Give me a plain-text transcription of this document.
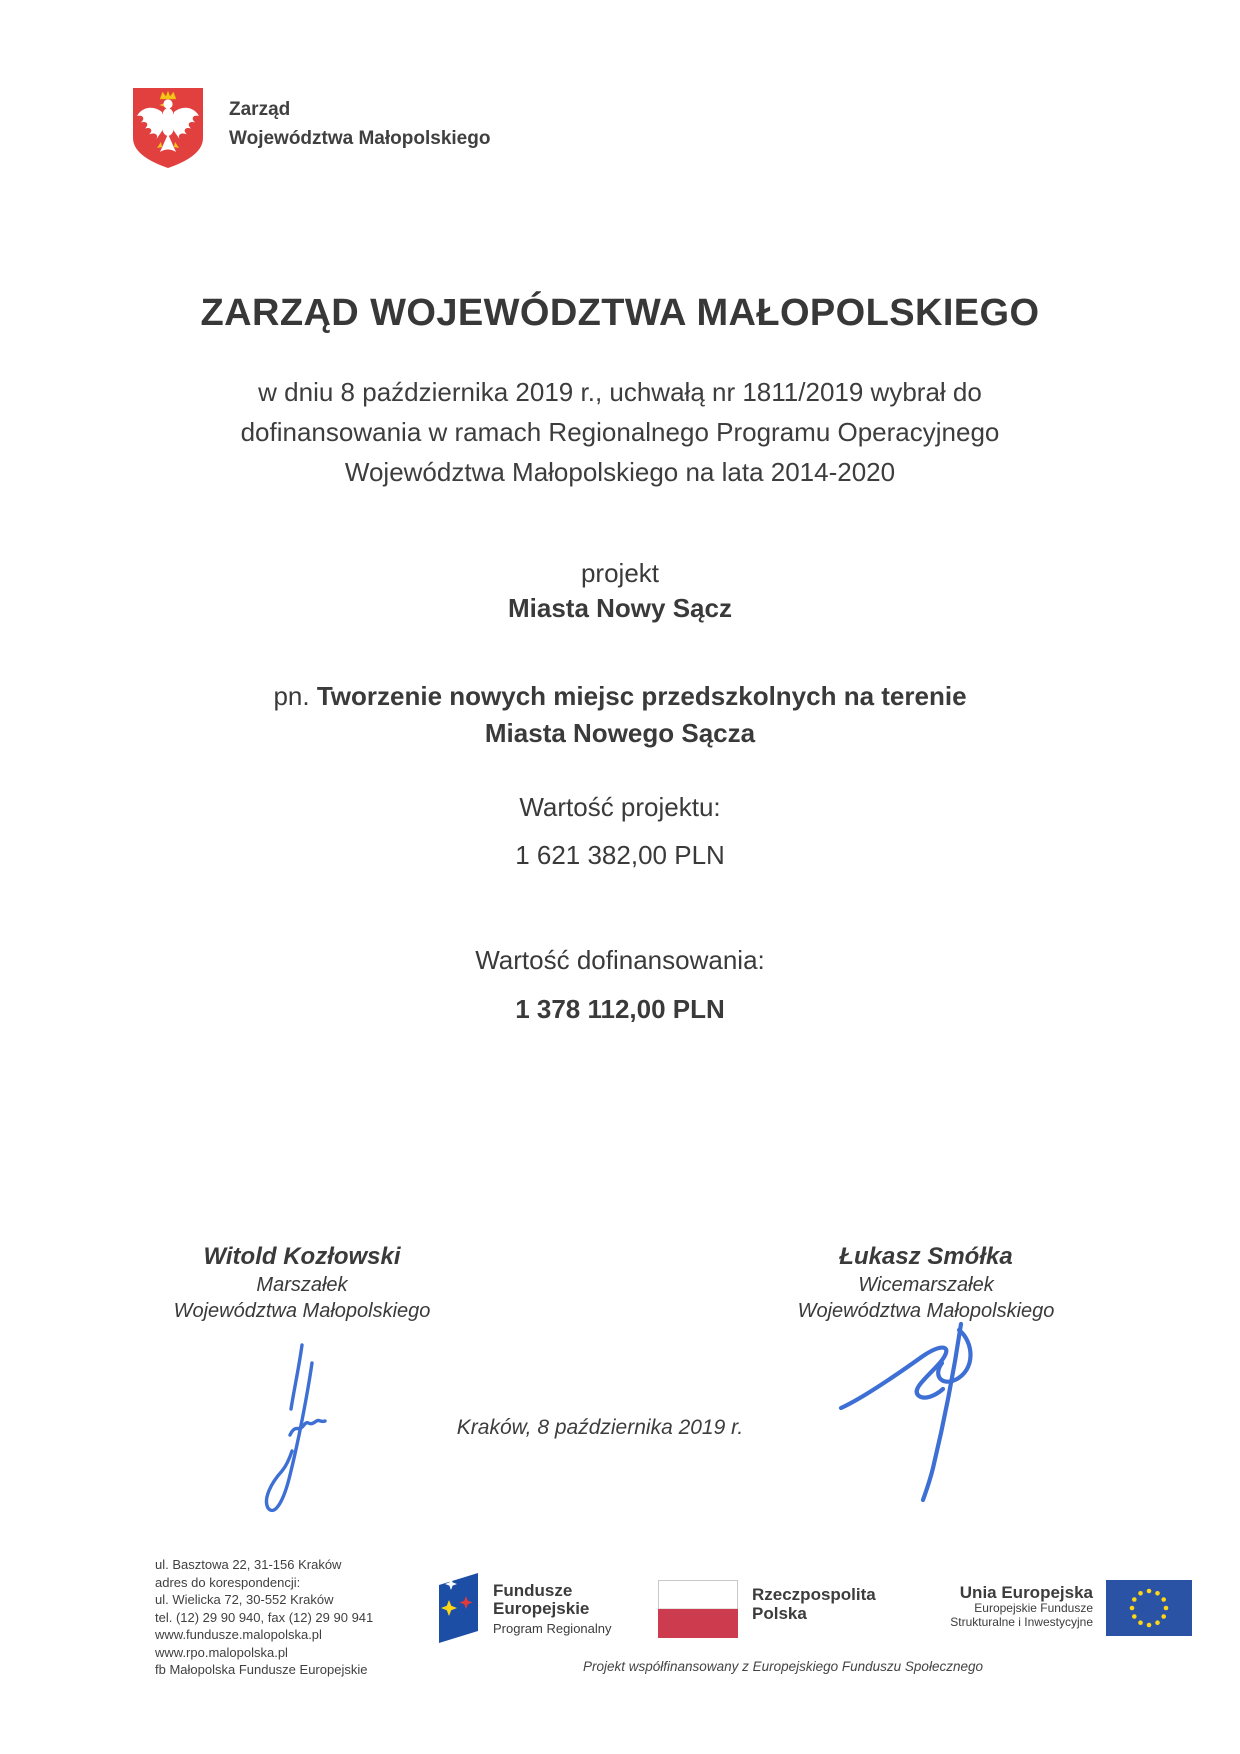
Zarząd
Województwa Małopolskiego
ZARZĄD WOJEWÓDZTWA MAŁOPOLSKIEGO
w dniu 8 października 2019 r., uchwałą nr 1811/2019 wybrał do
dofinansowania w ramach Regionalnego Programu Operacyjnego
Województwa Małopolskiego na lata 2014-2020
projekt
Miasta Nowy Sącz
pn. Tworzenie nowych miejsc przedszkolnych na terenie
Miasta Nowego Sącza
Wartość projektu:
1 621 382,00 PLN
Wartość dofinansowania:
1 378 112,00 PLN
Witold Kozłowski
Marszałek
Województwa Małopolskiego
Łukasz Smółka
Wicemarszałek
Województwa Małopolskiego
Kraków, 8 października 2019 r.
ul. Basztowa 22, 31-156 Kraków
adres do korespondencji:
ul. Wielicka 72, 30-552 Kraków
tel. (12) 29 90 940, fax (12) 29 90 941
www.fundusze.malopolska.pl
www.rpo.malopolska.pl
fb Małopolska Fundusze Europejskie
Fundusze
Europejskie
Program Regionalny
Rzeczpospolita
Polska
Unia Europejska
Europejskie Fundusze
Strukturalne i Inwestycyjne
Projekt współfinansowany z Europejskiego Funduszu Społecznego
